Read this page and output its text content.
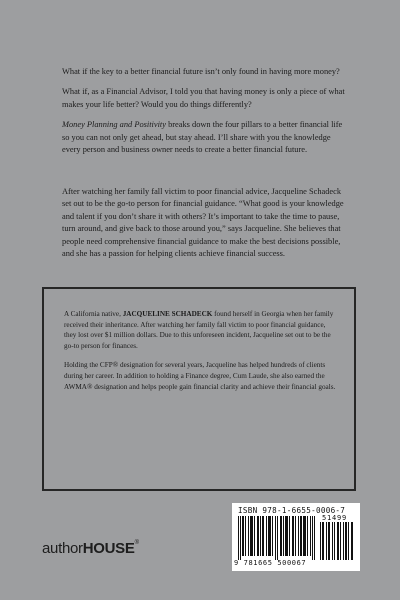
What if the key to a better financial future isn’t only found in having more money?

What if, as a Financial Advisor, I told you that having money is only a piece of what makes your life better? Would you do things differently?

Money Planning and Positivity breaks down the four pillars to a better financial life so you can not only get ahead, but stay ahead. I’ll share with you the knowledge every person and business owner needs to create a better financial future.

After watching her family fall victim to poor financial advice, Jacqueline Schadeck set out to be the go-to person for financial guidance. “What good is your knowledge and talent if you don’t share it with others? It’s important to take the time to pause, turn around, and give back to those around you,” says Jacqueline. She believes that people need comprehensive financial guidance to make the best decisions possible, and she has a passion for helping clients achieve financial success.

A California native, JACQUELINE SCHADECK found herself in Georgia when her family received their inheritance. After watching her family fall victim to poor financial guidance, they lost over $1 million dollars. Due to this unforeseen incident, Jacqueline set out to be the go-to person for finances.

Holding the CFP® designation for several years, Jacqueline has helped hundreds of clients during her career. In addition to holding a Finance degree, Cum Laude, she also earned the AWMA® designation and helps people gain financial clarity and achieve their financial goals.

authorHOUSE®
ISBN 978-1-6655-0006-7
51499
9 781665 500067
